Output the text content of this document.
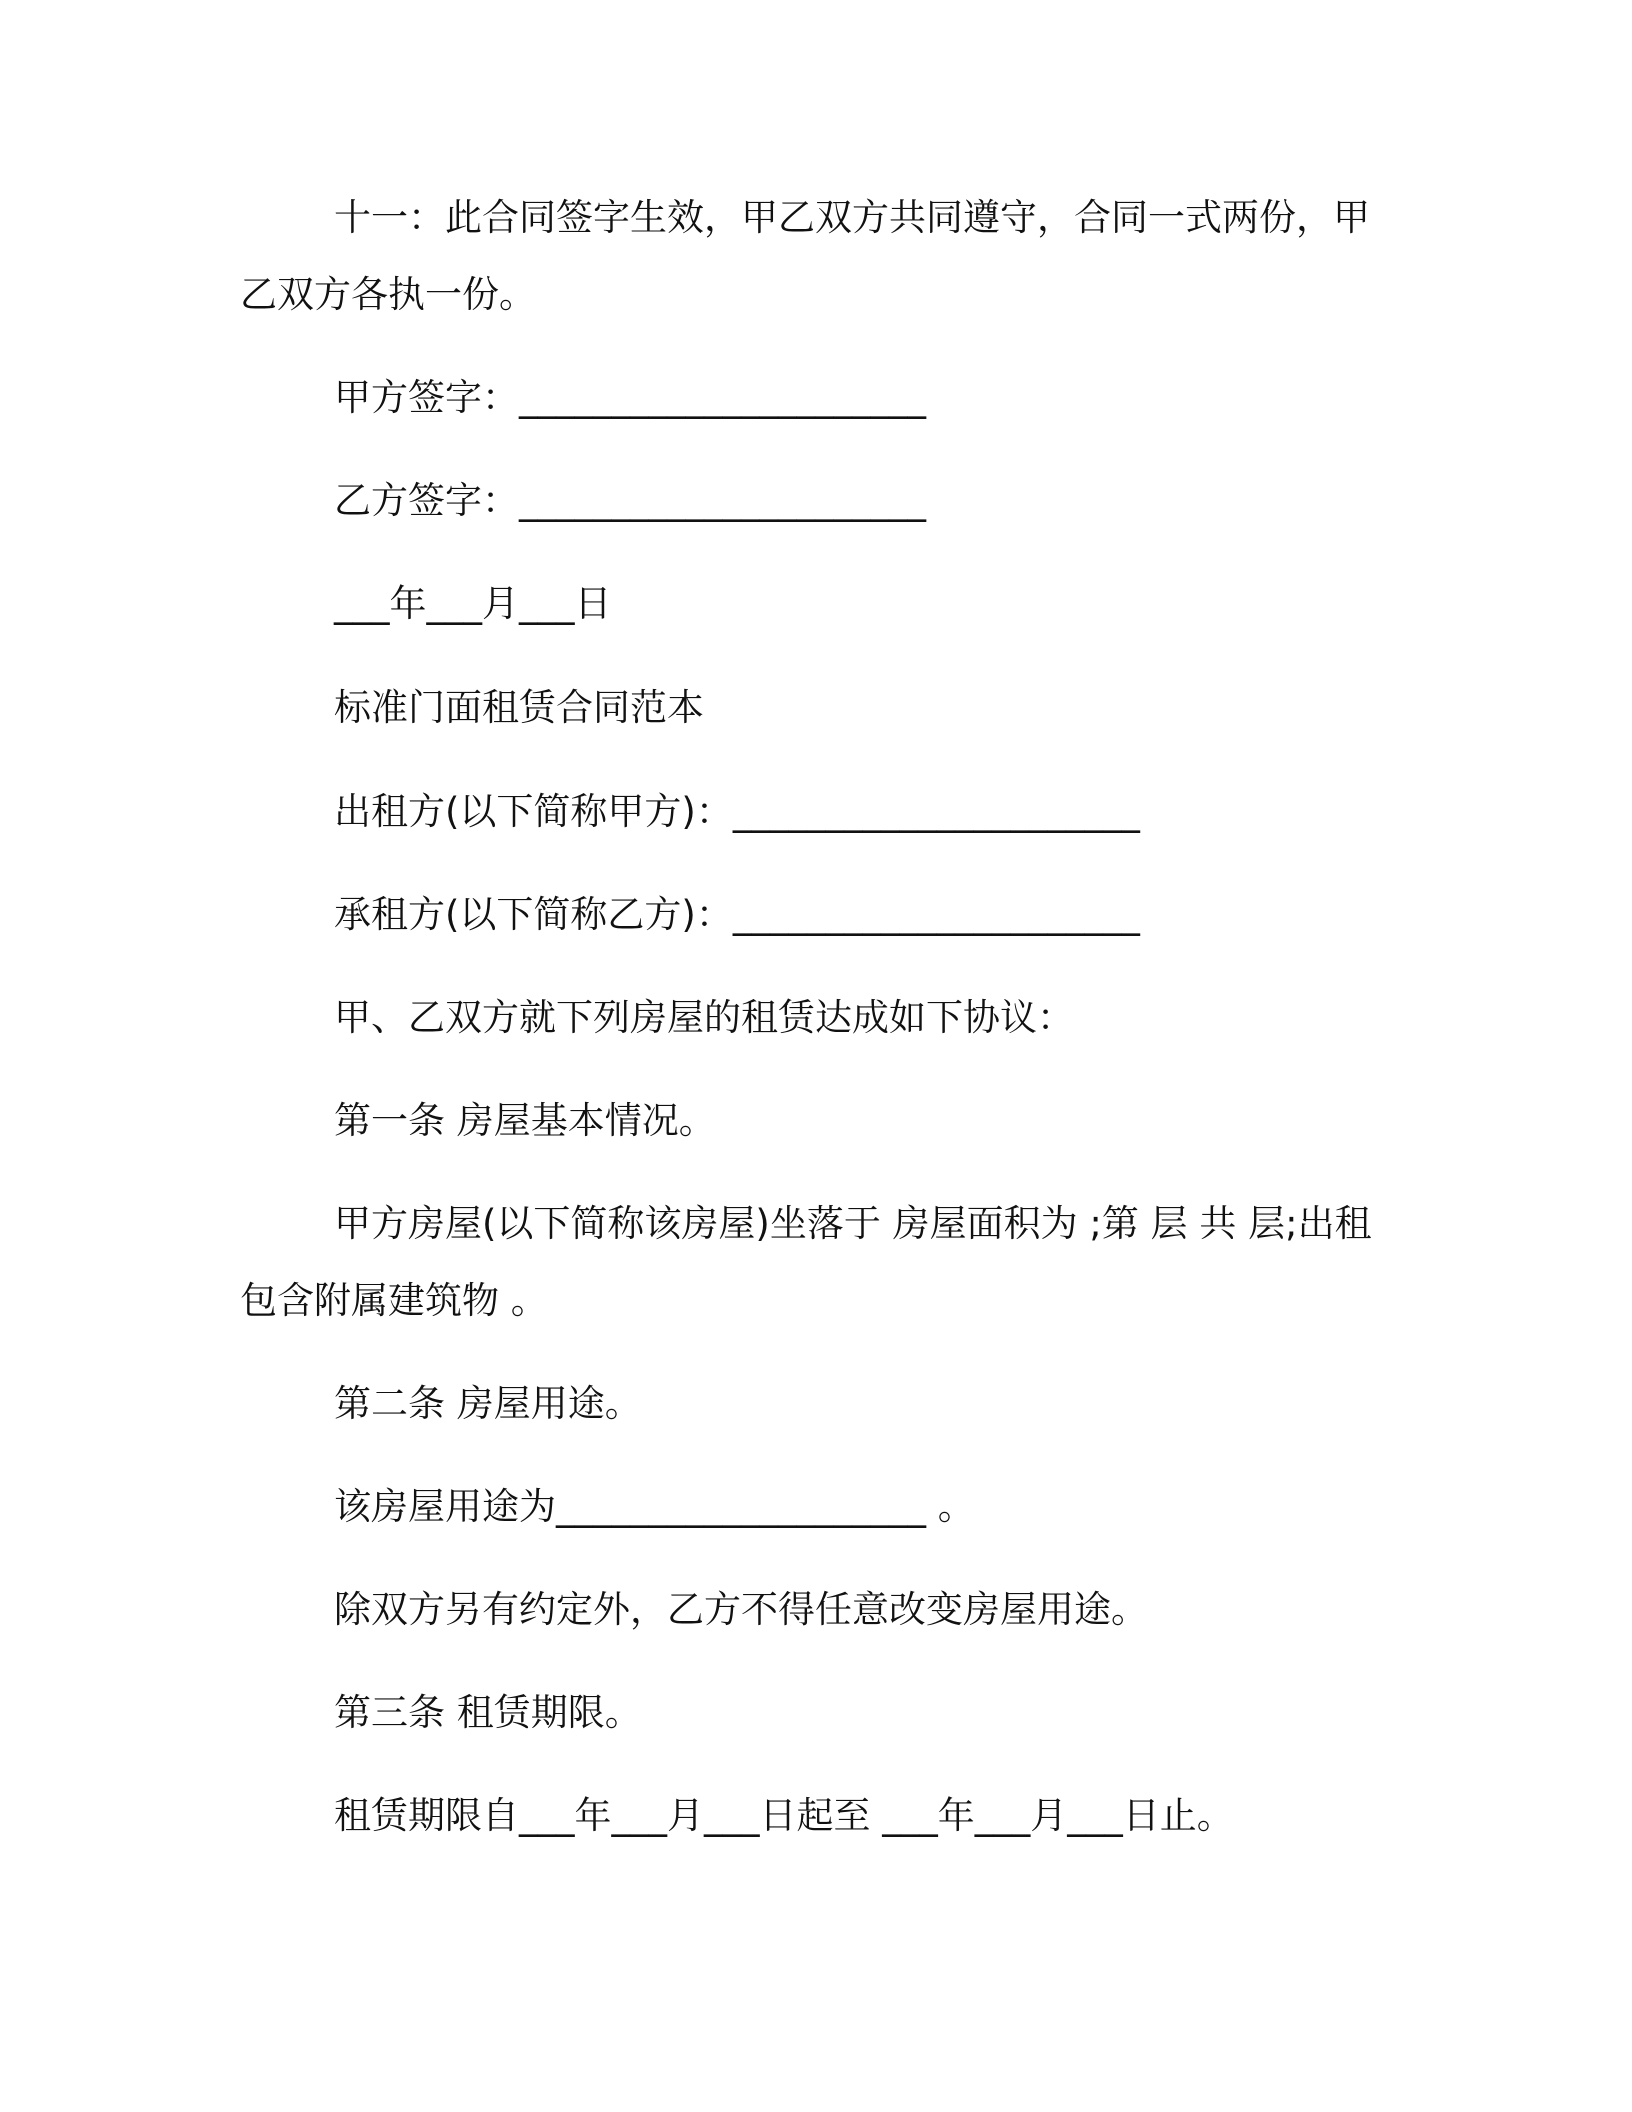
十一：此合同签字生效，甲乙双方共同遵守，合同一式两份，甲
乙双方各执一份。
甲方签字：______________________
乙方签字：______________________
___年___月___日
标准门面租赁合同范本
出租方(以下简称甲方)：______________________
承租方(以下简称乙方)：______________________
甲、乙双方就下列房屋的租赁达成如下协议：
第一条 房屋基本情况。
甲方房屋(以下简称该房屋)坐落于 房屋面积为 ;第 层 共 层;出租
包含附属建筑物 。
第二条 房屋用途。
该房屋用途为____________________ 。
除双方另有约定外，乙方不得任意改变房屋用途。
第三条 租赁期限。
租赁期限自___年___月___日起至 ___年___月___日止。
